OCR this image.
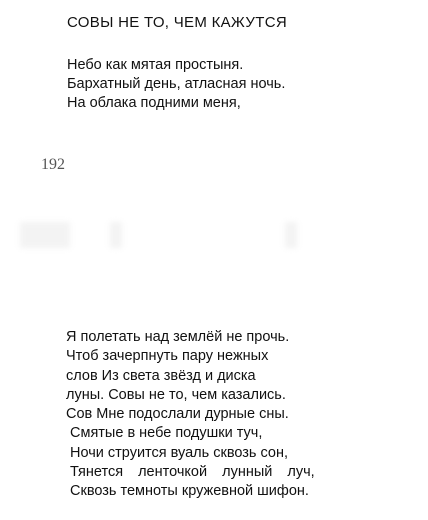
СОВЫ НЕ ТО, ЧЕМ КАЖУТСЯ
Небо как мятая простыня.
Бархатный день, атласная ночь.
На облака подними меня,
192
Я полетать над землёй не прочь.
Чтоб зачерпнуть пару нежных
слов Из света звёзд и диска
луны. Совы не то, чем казались.
Сов Мне подослали дурные сны.
Смятые в небе подушки туч,
Ночи струится вуаль сквозь сон,
Тянется ленточкой лунный луч,
Сквозь темноты кружевной шифон.
